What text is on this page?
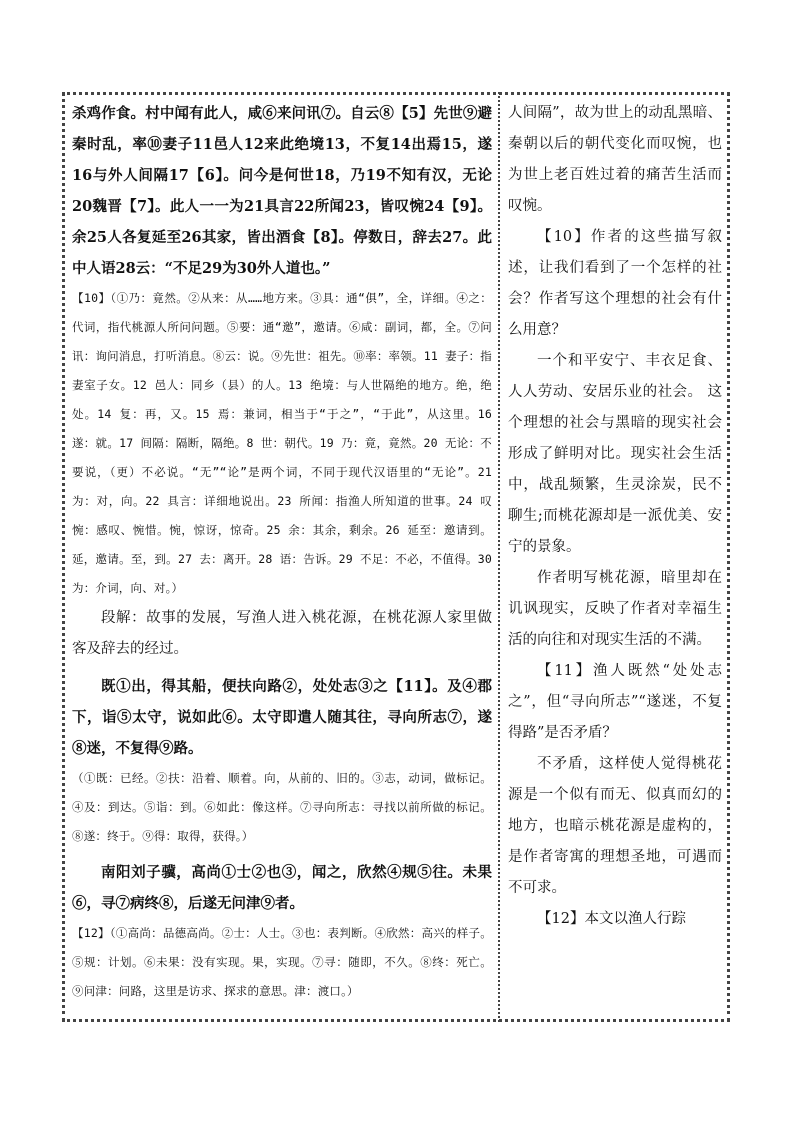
杀鸡作食。村中闻有此人，咸⑥来问讯⑦。自云⑧【5】先世⑨避秦时乱，率⑩妻子11邑人12来此绝境13，不复14出焉15，遂16与外人间隔17【6】。问今是何世18，乃19不知有汉，无论20魏晋【7】。此人一一为21具言22所闻23，皆叹惋24【9】。余25人各复延至26其家，皆出酒食【8】。停数日，辞去27。此中人语28云：“不足29为30外人道也。”

【10】（①乃：竟然。②从来：从……地方来。③具：通“俱”，全，详细。④之：代词，指代桃源人所问问题。⑤要：通“邀”，邀请。⑥咸：副词，都，全。⑦问讯：询问消息，打听消息。⑧云：说。⑨先世：祖先。⑩率：率领。11 妻子：指妻室子女。12 邑人：同乡（县）的人。13 绝境：与人世隔绝的地方。绝，绝处。14 复：再，又。15 焉：兼词，相当于“于之”，“于此”，从这里。16 遂：就。17 间隔：隔断，隔绝。8 世：朝代。19 乃：竟，竟然。20 无论：不要说，（更）不必说。“无”“论”是两个词，不同于现代汉语里的“无论”。21 为：对，向。22 具言：详细地说出。23 所闻：指渔人所知道的世事。24 叹惋：感叹、惋惜。惋，惊讶，惊奇。25 余：其余，剩余。26 延至：邀请到。延，邀请。至，到。27 去：离开。28 语：告诉。29 不足：不必，不值得。30 为：介词，向、对。）

段解：故事的发展，写渔人进入桃花源，在桃花源人家里做客及辞去的经过。

既①出，得其船，便扶向路②，处处志③之【11】。及④郡下，诣⑤太守，说如此⑥。太守即遣人随其往，寻向所志⑦，遂⑧迷，不复得⑨路。

（①既：已经。②扶：沿着、顺着。向，从前的、旧的。③志，动词，做标记。④及：到达。⑤诣：到。⑥如此：像这样。⑦寻向所志：寻找以前所做的标记。⑧遂：终于。⑨得：取得，获得。）

南阳刘子骥，高尚①士②也③，闻之，欣然④规⑤往。未果⑥，寻⑦病终⑧，后遂无问津⑨者。

【12】（①高尚：品德高尚。②士：人士。③也：表判断。④欣然：高兴的样子。⑤规：计划。⑥未果：没有实现。果，实现。⑦寻：随即，不久。⑧终：死亡。⑨问津：问路，这里是访求、探求的意思。津：渡口。）

人间隔”，故为世上的动乱黑暗、秦朝以后的朝代变化而叹惋，也为世上老百姓过着的痛苦生活而叹惋。

【10】作者的这些描写叙述，让我们看到了一个怎样的社会？作者写这个理想的社会有什么用意？

一个和平安宁、丰衣足食、人人劳动、安居乐业的社会。 这个理想的社会与黑暗的现实社会形成了鲜明对比。现实社会生活中，战乱频繁，生灵涂炭，民不聊生;而桃花源却是一派优美、安宁的景象。

作者明写桃花源，暗里却在讥讽现实，反映了作者对幸福生活的向往和对现实生活的不满。

【11】渔人既然“处处志之”，但“寻向所志”“遂迷，不复得路”是否矛盾？

不矛盾，这样使人觉得桃花源是一个似有而无、似真而幻的地方，也暗示桃花源是虚构的，是作者寄寓的理想圣地，可遇而不可求。

【12】本文以渔人行踪
